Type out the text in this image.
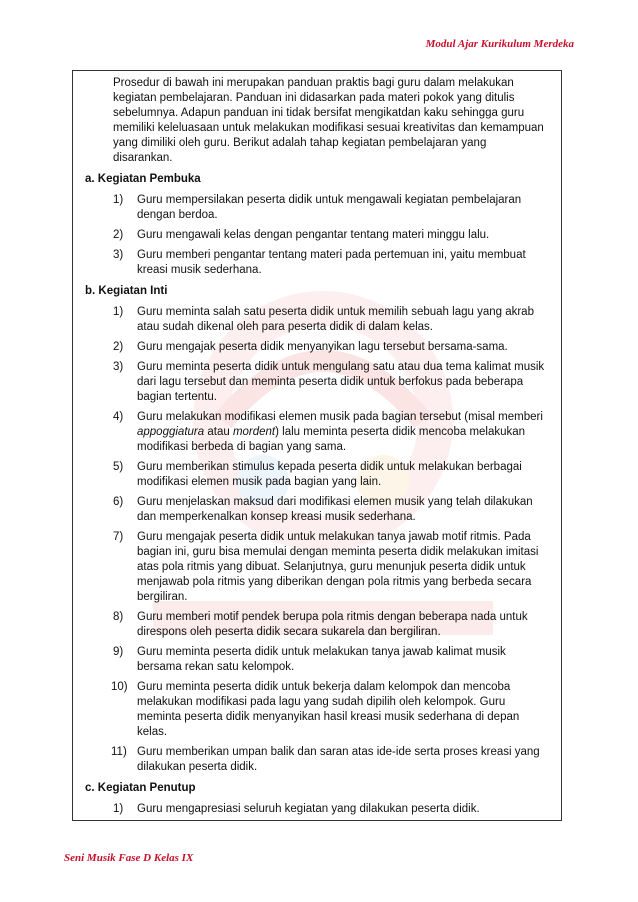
Modul Ajar Kurikulum Merdeka

Prosedur di bawah ini merupakan panduan praktis bagi guru dalam melakukan kegiatan pembelajaran. Panduan ini didasarkan pada materi pokok yang ditulis sebelumnya. Adapun panduan ini tidak bersifat mengikatdan kaku sehingga guru memiliki keleluasaan untuk melakukan modifikasi sesuai kreativitas dan kemampuan yang dimiliki oleh guru. Berikut adalah tahap kegiatan pembelajaran yang disarankan.

a. Kegiatan Pembuka
1) Guru mempersilakan peserta didik untuk mengawali kegiatan pembelajaran dengan berdoa.
2) Guru mengawali kelas dengan pengantar tentang materi minggu lalu.
3) Guru memberi pengantar tentang materi pada pertemuan ini, yaitu membuat kreasi musik sederhana.
b. Kegiatan Inti
1) Guru meminta salah satu peserta didik untuk memilih sebuah lagu yang akrab atau sudah dikenal oleh para peserta didik di dalam kelas.
2) Guru mengajak peserta didik menyanyikan lagu tersebut bersama-sama.
3) Guru meminta peserta didik untuk mengulang satu atau dua tema kalimat musik dari lagu tersebut dan meminta peserta didik untuk berfokus pada beberapa bagian tertentu.
4) Guru melakukan modifikasi elemen musik pada bagian tersebut (misal memberi appoggiatura atau mordent) lalu meminta peserta didik mencoba melakukan modifikasi berbeda di bagian yang sama.
5) Guru memberikan stimulus kepada peserta didik untuk melakukan berbagai modifikasi elemen musik pada bagian yang lain.
6) Guru menjelaskan maksud dari modifikasi elemen musik yang telah dilakukan dan memperkenalkan konsep kreasi musik sederhana.
7) Guru mengajak peserta didik untuk melakukan tanya jawab motif ritmis. Pada bagian ini, guru bisa memulai dengan meminta peserta didik melakukan imitasi atas pola ritmis yang dibuat. Selanjutnya, guru menunjuk peserta didik untuk menjawab pola ritmis yang diberikan dengan pola ritmis yang berbeda secara bergiliran.
8) Guru memberi motif pendek berupa pola ritmis dengan beberapa nada untuk direspons oleh peserta didik secara sukarela dan bergiliran.
9) Guru meminta peserta didik untuk melakukan tanya jawab kalimat musik bersama rekan satu kelompok.
10) Guru meminta peserta didik untuk bekerja dalam kelompok dan mencoba melakukan modifikasi pada lagu yang sudah dipilih oleh kelompok. Guru meminta peserta didik menyanyikan hasil kreasi musik sederhana di depan kelas.
11) Guru memberikan umpan balik dan saran atas ide-ide serta proses kreasi yang dilakukan peserta didik.
c. Kegiatan Penutup
1) Guru mengapresiasi seluruh kegiatan yang dilakukan peserta didik.
Seni Musik Fase D Kelas IX
